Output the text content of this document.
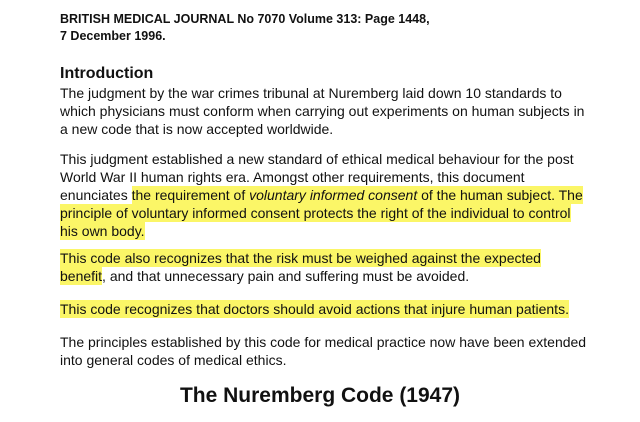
BRITISH MEDICAL JOURNAL No 7070 Volume 313: Page 1448,
7 December 1996.
Introduction
The judgment by the war crimes tribunal at Nuremberg laid down 10 standards to
which physicians must conform when carrying out experiments on human subjects in
a new code that is now accepted worldwide.
This judgment established a new standard of ethical medical behaviour for the post
World War II human rights era. Amongst other requirements, this document
enunciates the requirement of voluntary informed consent of the human subject. The
principle of voluntary informed consent protects the right of the individual to control
his own body.
This code also recognizes that the risk must be weighed against the expected
benefit, and that unnecessary pain and suffering must be avoided.
This code recognizes that doctors should avoid actions that injure human patients.
The principles established by this code for medical practice now have been extended
into general codes of medical ethics.
The Nuremberg Code (1947)
